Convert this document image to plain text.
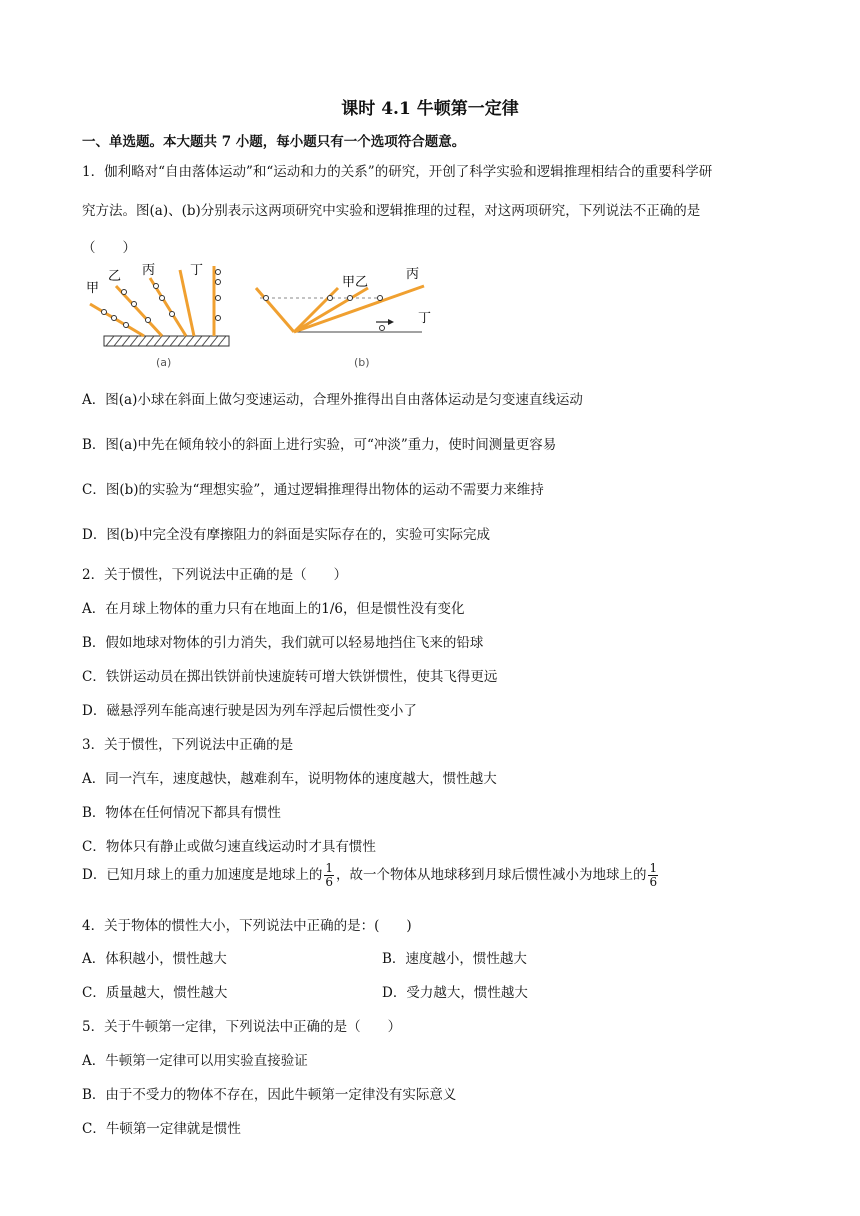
课时 4.1 牛顿第一定律
一、单选题。本大题共 7 小题，每小题只有一个选项符合题意。
1．伽利略对“自由落体运动”和“运动和力的关系”的研究，开创了科学实验和逻辑推理相结合的重要科学研
究方法。图(a)、(b)分别表示这两项研究中实验和逻辑推理的过程，对这两项研究，下列说法不正确的是
（　　）
甲
乙 丙	丁
(a)
甲乙
丙
丁
(b)
A．图(a)小球在斜面上做匀变速运动，合理外推得出自由落体运动是匀变速直线运动
B．图(a)中先在倾角较小的斜面上进行实验，可“冲淡”重力，使时间测量更容易
C．图(b)的实验为“理想实验”，通过逻辑推理得出物体的运动不需要力来维持
D．图(b)中完全没有摩擦阻力的斜面是实际存在的，实验可实际完成
2．关于惯性，下列说法中正确的是（　　）
A．在月球上物体的重力只有在地面上的1/6，但是惯性没有变化
B．假如地球对物体的引力消失，我们就可以轻易地挡住飞来的铅球
C．铁饼运动员在掷出铁饼前快速旋转可增大铁饼惯性，使其飞得更远
D．磁悬浮列车能高速行驶是因为列车浮起后惯性变小了
3．关于惯性，下列说法中正确的是
A．同一汽车，速度越快，越难刹车，说明物体的速度越大，惯性越大
B．物体在任何情况下都具有惯性
C．物体只有静止或做匀速直线运动时才具有惯性
D．已知月球上的重力加速度是地球上的 $\frac{1}{6}$ ，故一个物体从地球移到月球后惯性减小为地球上的 $\frac{1}{6}$
4．关于物体的惯性大小，下列说法中正确的是：(　　)
A．体积越小，惯性越大	B．速度越小，惯性越大
C．质量越大，惯性越大	D．受力越大，惯性越大
5．关于牛顿第一定律，下列说法中正确的是（　　）
A．牛顿第一定律可以用实验直接验证
B．由于不受力的物体不存在，因此牛顿第一定律没有实际意义
C．牛顿第一定律就是惯性
